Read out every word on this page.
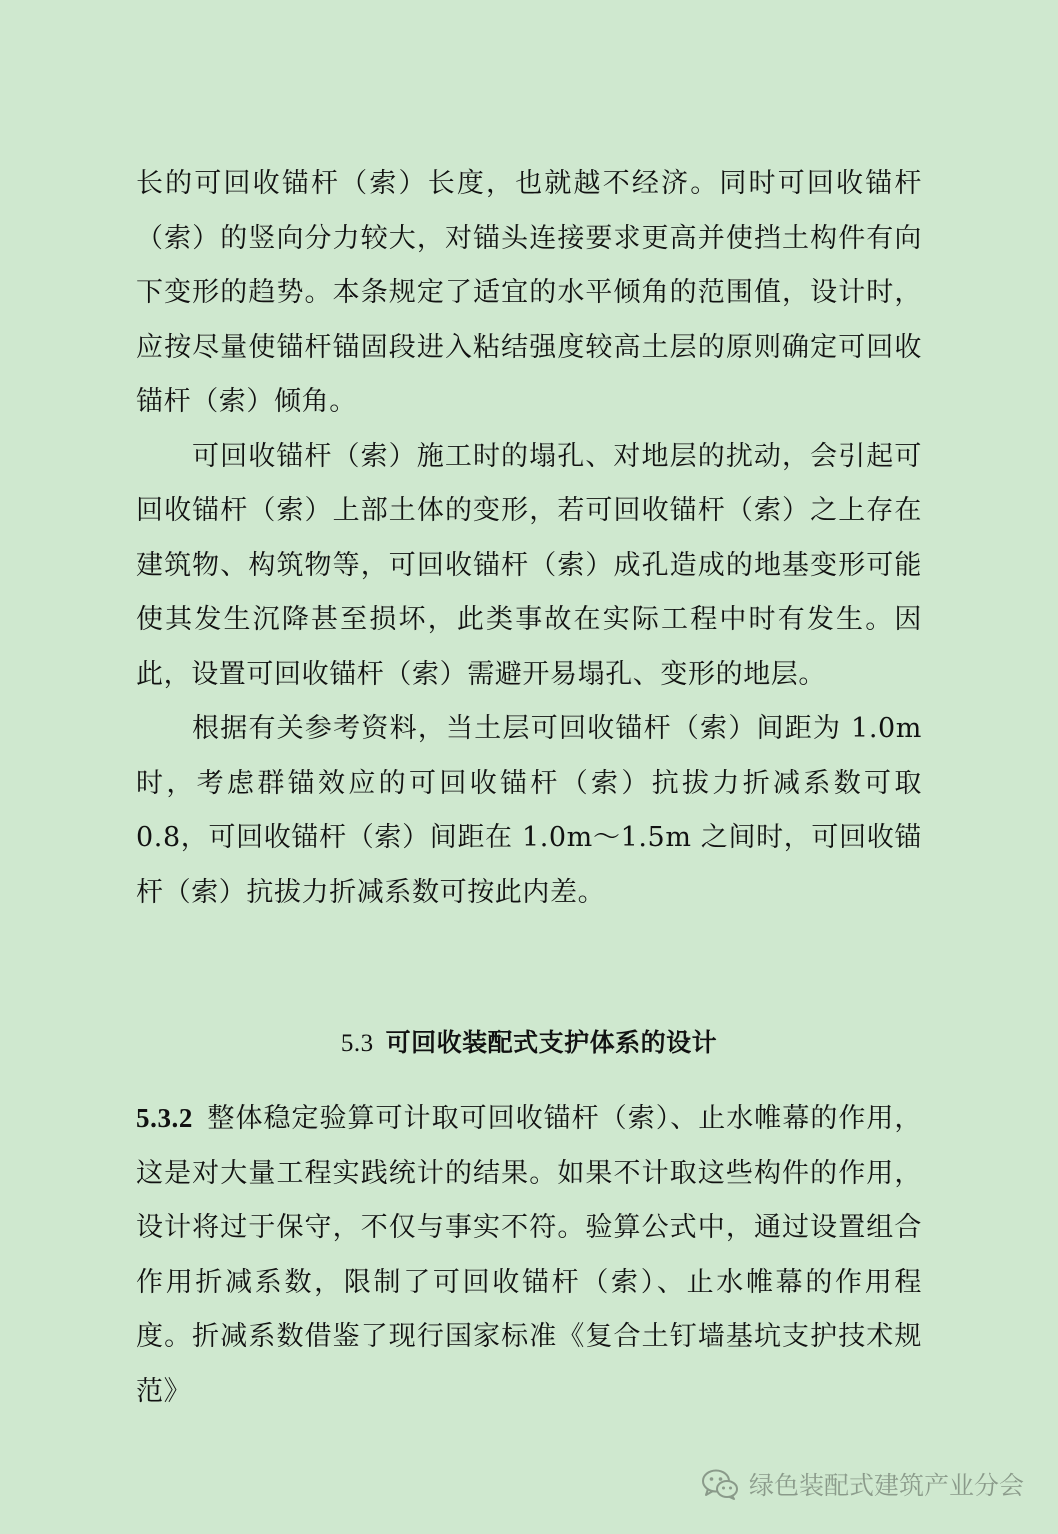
长的可回收锚杆（索）长度，也就越不经济。同时可回收锚杆（索）的竖向分力较大，对锚头连接要求更高并使挡土构件有向下变形的趋势。本条规定了适宜的水平倾角的范围值，设计时，应按尽量使锚杆锚固段进入粘结强度较高土层的原则确定可回收锚杆（索）倾角。

可回收锚杆（索）施工时的塌孔、对地层的扰动，会引起可回收锚杆（索）上部土体的变形，若可回收锚杆（索）之上存在建筑物、构筑物等，可回收锚杆（索）成孔造成的地基变形可能使其发生沉降甚至损坏，此类事故在实际工程中时有发生。因此，设置可回收锚杆（索）需避开易塌孔、变形的地层。

根据有关参考资料，当土层可回收锚杆（索）间距为 1.0m 时，考虑群锚效应的可回收锚杆（索）抗拔力折减系数可取 0.8，可回收锚杆（索）间距在 1.0m～1.5m 之间时，可回收锚杆（索）抗拔力折减系数可按此内差。

5.3 可回收装配式支护体系的设计

5.3.2 整体稳定验算可计取可回收锚杆（索）、止水帷幕的作用，这是对大量工程实践统计的结果。如果不计取这些构件的作用，设计将过于保守，不仅与事实不符。验算公式中，通过设置组合作用折减系数，限制了可回收锚杆（索）、止水帷幕的作用程度。折减系数借鉴了现行国家标准《复合土钉墙基坑支护技术规范》

绿色装配式建筑产业分会
